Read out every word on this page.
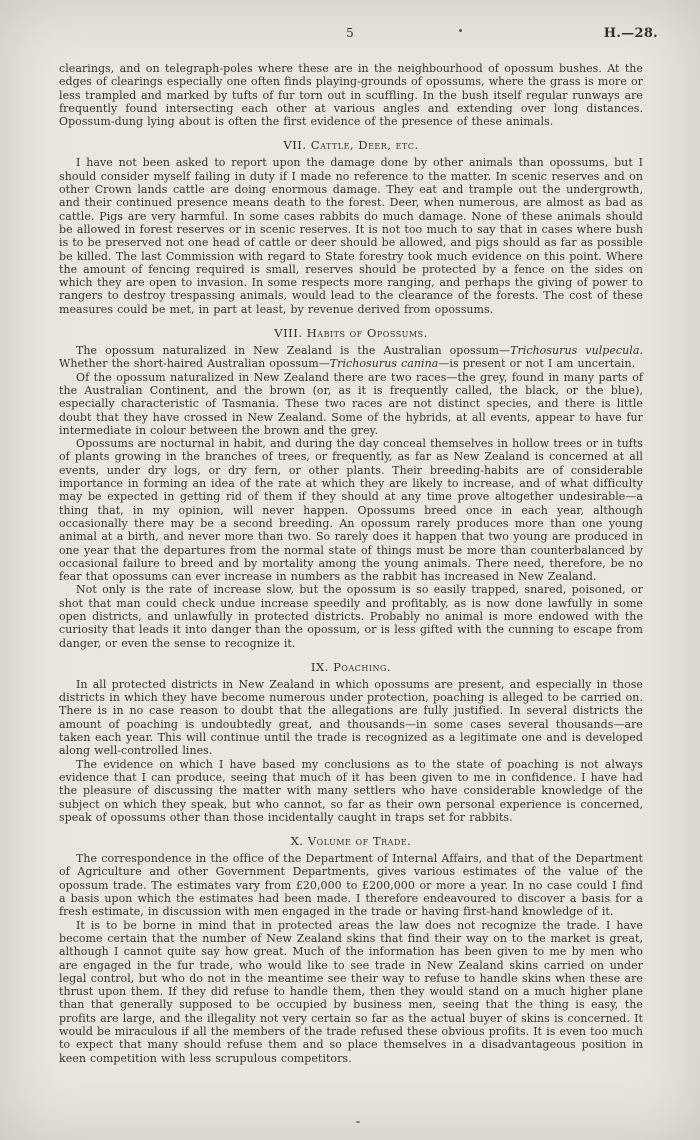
5	H.—28.

clearings, and on telegraph-poles where these are in the neighbourhood of opossum bushes. At the edges of clearings especially one often finds playing-grounds of opossums, where the grass is more or less trampled and marked by tufts of fur torn out in scuffling. In the bush itself regular runways are frequently found intersecting each other at various angles and extending over long distances. Opossum-dung lying about is often the first evidence of the presence of these animals.

VII. Cattle, Deer, etc.

I have not been asked to report upon the damage done by other animals than opossums, but I should consider myself failing in duty if I made no reference to the matter. In scenic reserves and on other Crown lands cattle are doing enormous damage. They eat and trample out the undergrowth, and their continued presence means death to the forest. Deer, when numerous, are almost as bad as cattle. Pigs are very harmful. In some cases rabbits do much damage. None of these animals should be allowed in forest reserves or in scenic reserves. It is not too much to say that in cases where bush is to be preserved not one head of cattle or deer should be allowed, and pigs should as far as possible be killed. The last Commission with regard to State forestry took much evidence on this point. Where the amount of fencing required is small, reserves should be protected by a fence on the sides on which they are open to invasion. In some respects more ranging, and perhaps the giving of power to rangers to destroy trespassing animals, would lead to the clearance of the forests. The cost of these measures could be met, in part at least, by revenue derived from opossums.

VIII. Habits of Opossums.

The opossum naturalized in New Zealand is the Australian opossum—Trichosurus vulpecula. Whether the short-haired Australian opossum—Trichosurus canina—is present or not I am uncertain.

Of the opossum naturalized in New Zealand there are two races—the grey, found in many parts of the Australian Continent, and the brown (or, as it is frequently called, the black, or the blue), especially characteristic of Tasmania. These two races are not distinct species, and there is little doubt that they have crossed in New Zealand. Some of the hybrids, at all events, appear to have fur intermediate in colour between the brown and the grey.

Opossums are nocturnal in habit, and during the day conceal themselves in hollow trees or in tufts of plants growing in the branches of trees, or frequently, as far as New Zealand is concerned at all events, under dry logs, or dry fern, or other plants. Their breeding-habits are of considerable importance in forming an idea of the rate at which they are likely to increase, and of what difficulty may be expected in getting rid of them if they should at any time prove altogether undesirable—a thing that, in my opinion, will never happen. Opossums breed once in each year, although occasionally there may be a second breeding. An opossum rarely produces more than one young animal at a birth, and never more than two. So rarely does it happen that two young are produced in one year that the departures from the normal state of things must be more than counterbalanced by occasional failure to breed and by mortality among the young animals. There need, therefore, be no fear that opossums can ever increase in numbers as the rabbit has increased in New Zealand.

Not only is the rate of increase slow, but the opossum is so easily trapped, snared, poisoned, or shot that man could check undue increase speedily and profitably, as is now done lawfully in some open districts, and unlawfully in protected districts. Probably no animal is more endowed with the curiosity that leads it into danger than the opossum, or is less gifted with the cunning to escape from danger, or even the sense to recognize it.

IX. Poaching.

In all protected districts in New Zealand in which opossums are present, and especially in those districts in which they have become numerous under protection, poaching is alleged to be carried on. There is in no case reason to doubt that the allegations are fully justified. In several districts the amount of poaching is undoubtedly great, and thousands—in some cases several thousands—are taken each year. This will continue until the trade is recognized as a legitimate one and is developed along well-controlled lines.

The evidence on which I have based my conclusions as to the state of poaching is not always evidence that I can produce, seeing that much of it has been given to me in confidence. I have had the pleasure of discussing the matter with many settlers who have considerable knowledge of the subject on which they speak, but who cannot, so far as their own personal experience is concerned, speak of opossums other than those incidentally caught in traps set for rabbits.

X. Volume of Trade.

The correspondence in the office of the Department of Internal Affairs, and that of the Department of Agriculture and other Government Departments, gives various estimates of the value of the opossum trade. The estimates vary from £20,000 to £200,000 or more a year. In no case could I find a basis upon which the estimates had been made. I therefore endeavoured to discover a basis for a fresh estimate, in discussion with men engaged in the trade or having first-hand knowledge of it.

It is to be borne in mind that in protected areas the law does not recognize the trade. I have become certain that the number of New Zealand skins that find their way on to the market is great, although I cannot quite say how great. Much of the information has been given to me by men who are engaged in the fur trade, who would like to see trade in New Zealand skins carried on under legal control, but who do not in the meantime see their way to refuse to handle skins when these are thrust upon them. If they did refuse to handle them, then they would stand on a much higher plane than that generally supposed to be occupied by business men, seeing that the thing is easy, the profits are large, and the illegality not very certain so far as the actual buyer of skins is concerned. It would be miraculous if all the members of the trade refused these obvious profits. It is even too much to expect that many should refuse them and so place themselves in a disadvantageous position in keen competition with less scrupulous competitors.
